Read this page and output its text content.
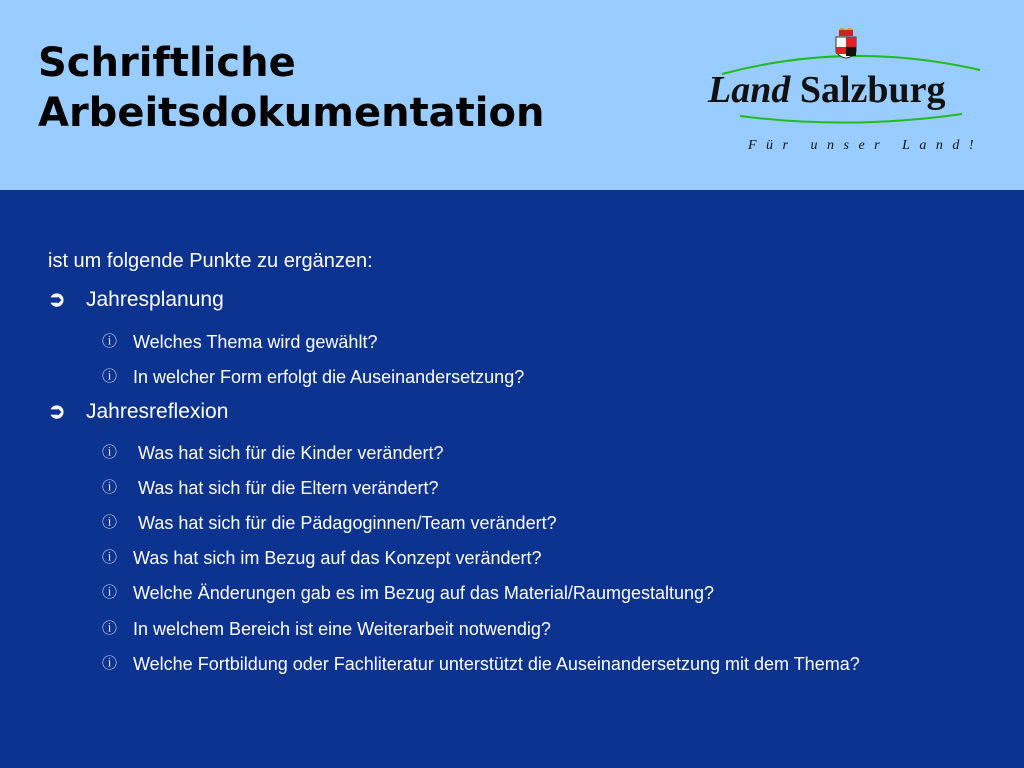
Schriftliche
Arbeitsdokumentation	Land Salzburg
Für unser Land!
ist um folgende Punkte zu ergänzen:
➲ Jahresplanung
ⓘ Welches Thema wird gewählt?
ⓘ In welcher Form erfolgt die Auseinandersetzung?
➲ Jahresreflexion
ⓘ Was hat sich für die Kinder verändert?
ⓘ Was hat sich für die Eltern verändert?
ⓘ Was hat sich für die Pädagoginnen/Team verändert?
ⓘ Was hat sich im Bezug auf das Konzept verändert?
ⓘ Welche Änderungen gab es im Bezug auf das Material/Raumgestaltung?
ⓘ In welchem Bereich ist eine Weiterarbeit notwendig?
ⓘ Welche Fortbildung oder Fachliteratur unterstützt die Auseinandersetzung mit dem Thema?
